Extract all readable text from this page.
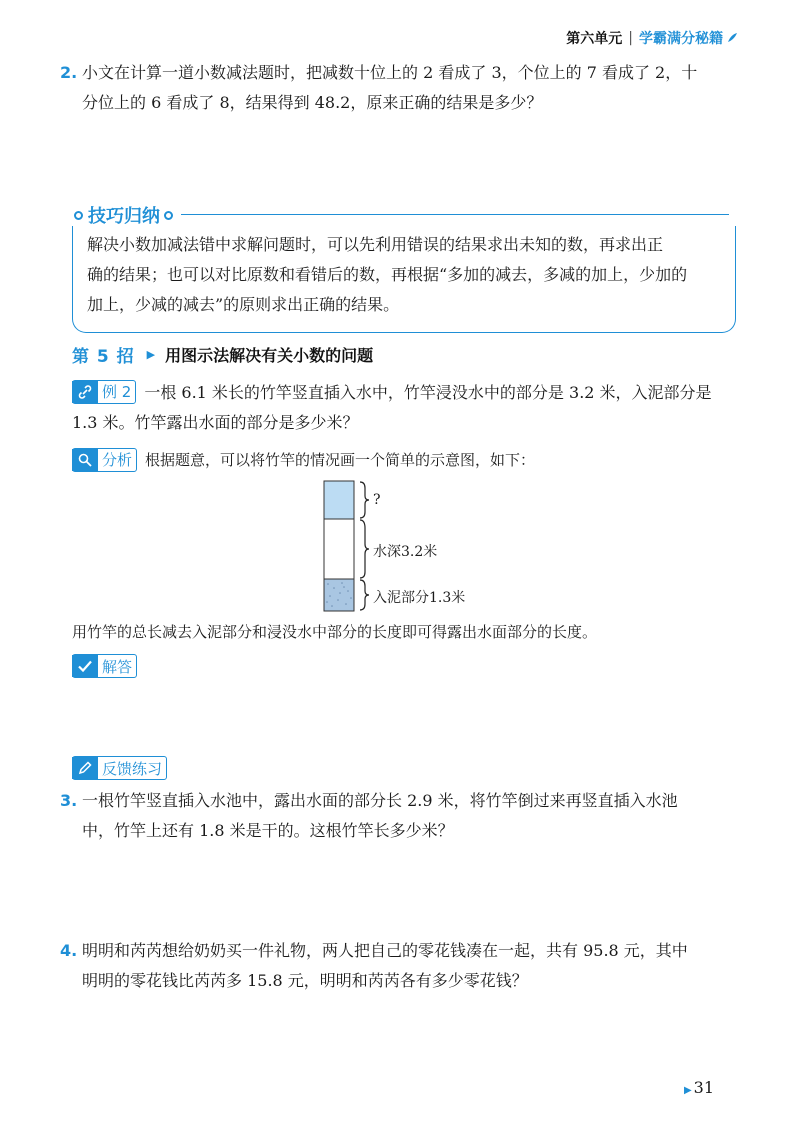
第六单元 | 学霸满分秘籍
2. 小文在计算一道小数减法题时，把减数十位上的 2 看成了 3，个位上的 7 看成了 2，十

分位上的 6 看成了 8，结果得到 48.2，原来正确的结果是多少？

技巧归纳

解决小数加减法错中求解问题时，可以先利用错误的结果求出未知的数，再求出正

确的结果；也可以对比原数和看错后的数，再根据“多加的减去，多减的加上，少加的

加上，少减的减去”的原则求出正确的结果。

第 5 招 ▶ 用图示法解决有关小数的问题
例 2 一根 6.1 米长的竹竿竖直插入水中，竹竿浸没水中的部分是 3.2 米，入泥部分是

1.3 米。竹竿露出水面的部分是多少米？

分析 根据题意，可以将竹竿的情况画一个简单的示意图，如下：
?
水深3.2米
入泥部分1.3米

用竹竿的总长减去入泥部分和浸没水中部分的长度即可得露出水面部分的长度。

解答
反馈练习
3. 一根竹竿竖直插入水池中，露出水面的部分长 2.9 米，将竹竿倒过来再竖直插入水池

中，竹竿上还有 1.8 米是干的。这根竹竿长多少米？

4. 明明和芮芮想给奶奶买一件礼物，两人把自己的零花钱凑在一起，共有 95.8 元，其中

明明的零花钱比芮芮多 15.8 元，明明和芮芮各有多少零花钱？

▶ 31
